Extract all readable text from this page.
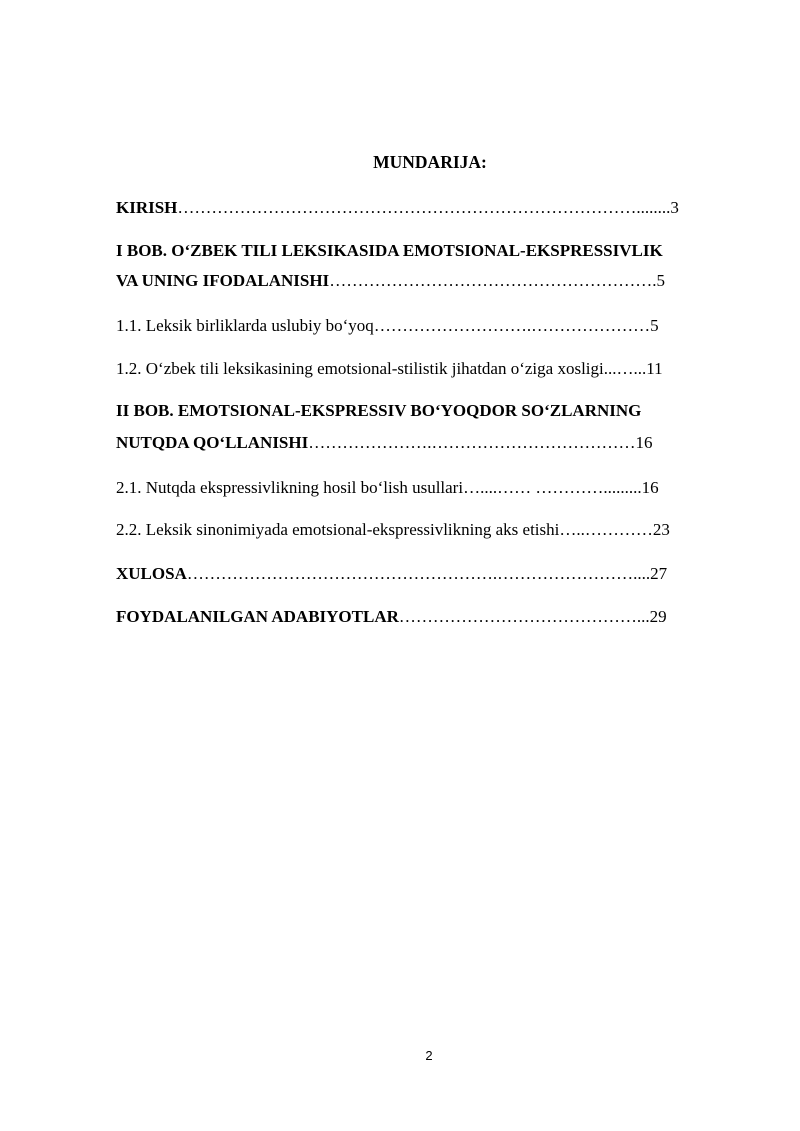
MUNDARIJA:
KIRISH………………………………………………………………………........3
I BOB. O‘ZBEK TILI LEKSIKASIDA EMOTSIONAL-EKSPRESSIVLIK
VA UNING IFODALANISHI………………………………………………….5
1.1. Leksik birliklarda uslubiy bo‘yoq……………………….…………………5
1.2. O‘zbek tili leksikasining emotsional-stilistik jihatdan o‘ziga xosligi...…...11
II BOB. EMOTSIONAL-EKSPRESSIV BO‘YOQDOR SO‘ZLARNING
NUTQDA QO‘LLANISHI………………….………………………………16
2.1. Nutqda ekspressivlikning hosil bo‘lish usullari…....…… ………….........16
2.2. Leksik sinonimiyada emotsional-ekspressivlikning aks etishi…..…………23
XULOSA……………………………………………….……………………....27
FOYDALANILGAN ADABIYOTLAR……………………………………...29
2
